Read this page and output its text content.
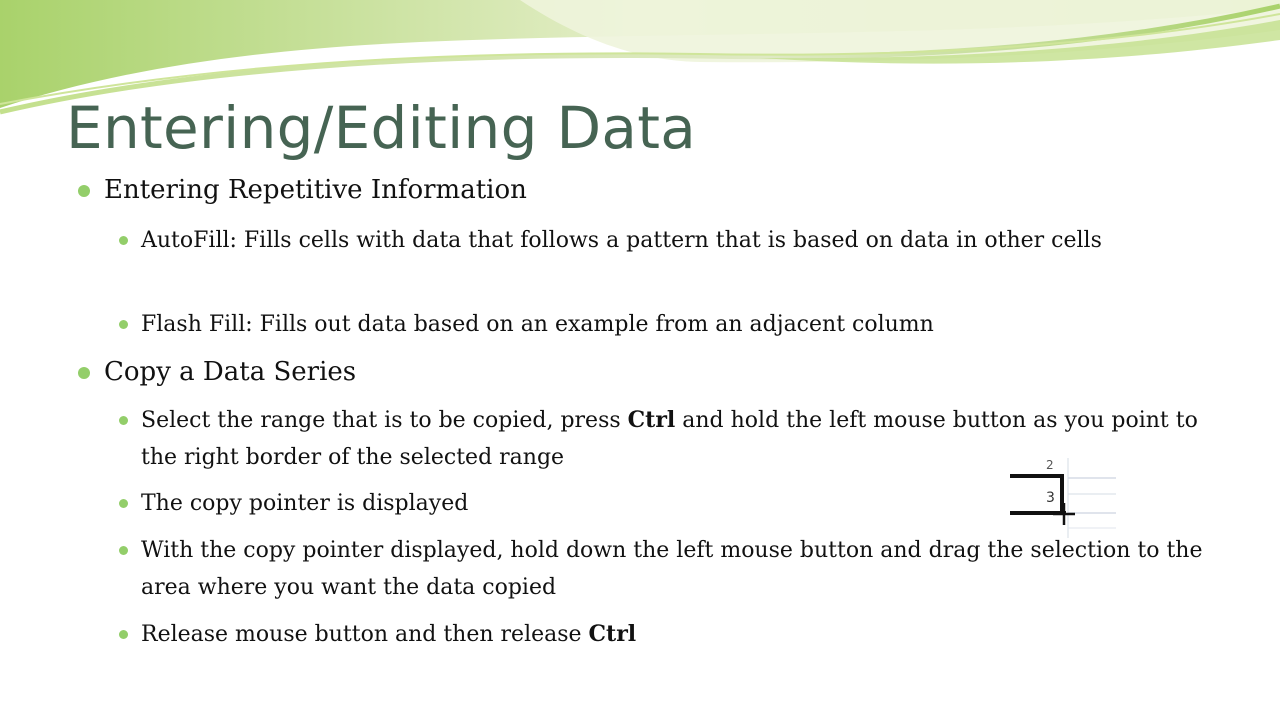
Entering/Editing Data
Entering Repetitive Information
AutoFill: Fills cells with data that follows a pattern that is based on data in other cells
Flash Fill: Fills out data based on an example from an adjacent column
Copy a Data Series
Select the range that is to be copied, press Ctrl and hold the left mouse button as you point to the right border of the selected range
The copy pointer is displayed
With the copy pointer displayed, hold down the left mouse button and drag the selection to the area where you want the data copied
Release mouse button and then release Ctrl
2
3
